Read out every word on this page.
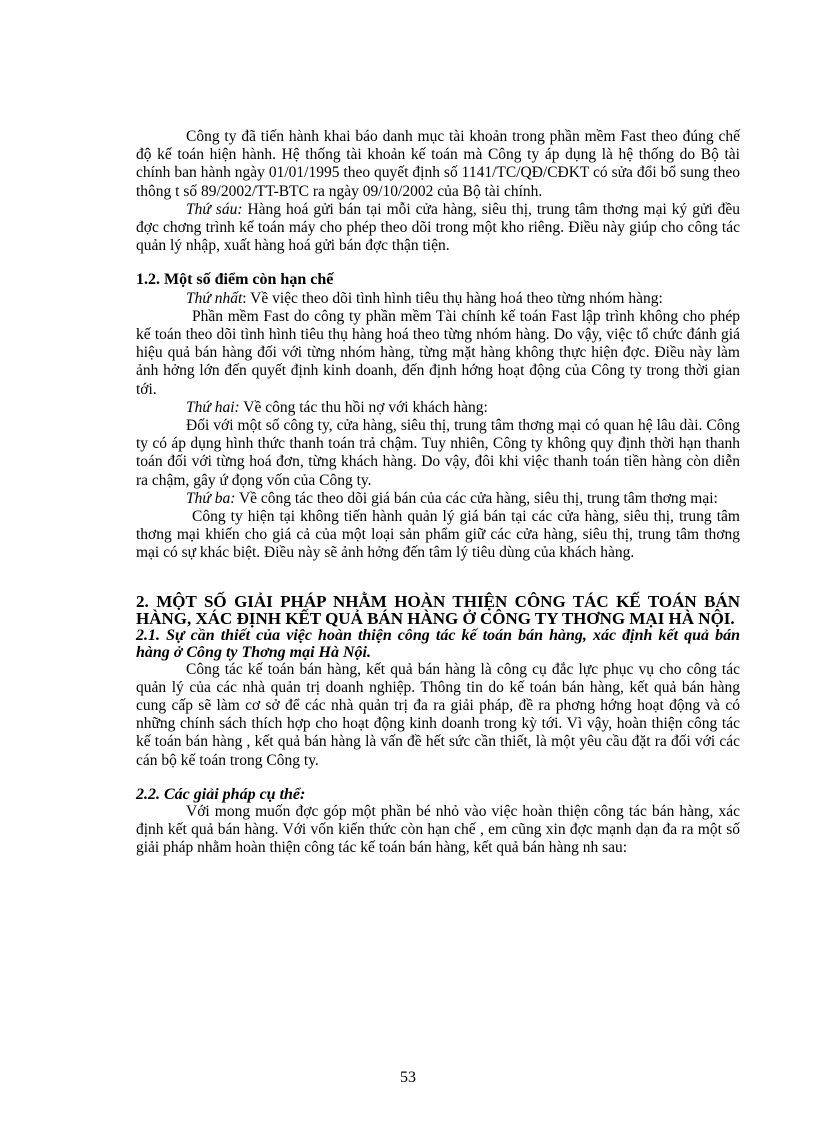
Công ty đã tiến hành khai báo danh mục tài khoản trong phần mềm Fast theo đúng chế độ kế toán hiện hành. Hệ thống tài khoản kế toán mà Công ty áp dụng là hệ thống do Bộ tài chính ban hành ngày 01/01/1995 theo quyết định số 1141/TC/QĐ/CĐKT có sửa đổi bổ sung theo thông t số 89/2002/TT-BTC ra ngày 09/10/2002 của Bộ tài chính.

Thứ sáu: Hàng hoá gửi bán tại mỗi cửa hàng, siêu thị, trung tâm thơng mại ký gửi đều đợc chơng trình kế toán máy cho phép theo dõi trong một kho riêng. Điều này giúp cho công tác quản lý nhập, xuất hàng hoá gửi bán đợc thận tiện.

1.2. Một số điểm còn hạn chế

Thứ nhất: Về việc theo dõi tình hình tiêu thụ hàng hoá theo từng nhóm hàng:

Phần mềm Fast do công ty phần mềm Tài chính kế toán Fast lập trình không cho phép kế toán theo dõi tình hình tiêu thụ hàng hoá theo từng nhóm hàng. Do vậy, việc tổ chức đánh giá hiệu quả bán hàng đối với từng nhóm hàng, từng mặt hàng không thực hiện đợc. Điều này làm ảnh hởng lớn đến quyết định kinh doanh, đến định hớng hoạt động của Công ty trong thời gian tới.

Thứ hai: Về công tác thu hồi nợ với khách hàng:

Đối với một số công ty, cửa hàng, siêu thị, trung tâm thơng mại có quan hệ lâu dài. Công ty có áp dụng hình thức thanh toán trả chậm. Tuy nhiên, Công ty không quy định thời hạn thanh toán đối với từng hoá đơn, từng khách hàng. Do vậy, đôi khi việc thanh toán tiền hàng còn diễn ra chậm, gây ứ đọng vốn của Công ty.

Thứ ba: Về công tác theo dõi giá bán của các cửa hàng, siêu thị, trung tâm thơng mại:

Công ty hiện tại không tiến hành quản lý giá bán tại các cửa hàng, siêu thị, trung tâm thơng mại khiến cho giá cả của một loại sản phẩm giữ các cửa hàng, siêu thị, trung tâm thơng mại có sự khác biệt. Điều này sẽ ảnh hởng đến tâm lý tiêu dùng của khách hàng.

2. MỘT SỐ GIẢI PHÁP NHẰM HOÀN THIỆN CÔNG TÁC KẾ TOÁN BÁN HÀNG, XÁC ĐỊNH KẾT QUẢ BÁN HÀNG Ở CÔNG TY THƠNG MẠI HÀ NỘI.

2.1. Sự cần thiết của việc hoàn thiện công tác kế toán bán hàng, xác định kết quả bán hàng ở Công ty Thơng mại Hà Nội.

Công tác kế toán bán hàng, kết quả bán hàng là công cụ đắc lực phục vụ cho công tác quản lý của các nhà quản trị doanh nghiệp. Thông tin do kế toán bán hàng, kết quả bán hàng cung cấp sẽ làm cơ sở để các nhà quản trị đa ra giải pháp, đề ra phơng hớng hoạt động và có những chính sách thích hợp cho hoạt động kinh doanh trong kỳ tới. Vì vậy, hoàn thiện công tác kế toán bán hàng , kết quả bán hàng là vấn đề hết sức cần thiết, là một yêu cầu đặt ra đối với các cán bộ kế toán trong Công ty.

2.2. Các giải pháp cụ thể:

Với mong muốn đợc góp một phần bé nhỏ vào việc hoàn thiện công tác bán hàng, xác định kết quả bán hàng. Với vốn kiến thức còn hạn chế , em cũng xin đợc mạnh dạn đa ra một số giải pháp nhằm hoàn thiện công tác kế toán bán hàng, kết quả bán hàng nh sau:

53
